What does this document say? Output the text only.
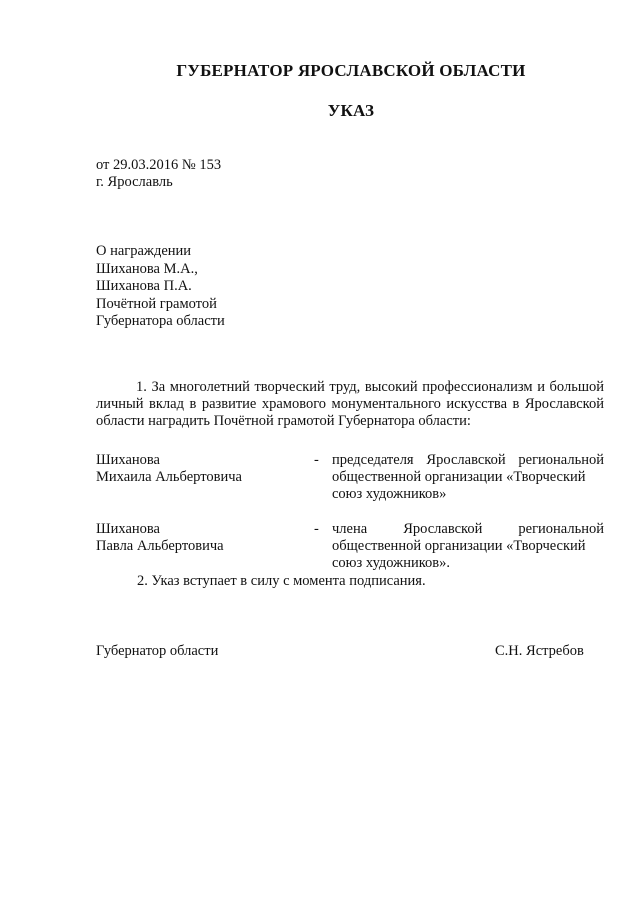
ГУБЕРНАТОР ЯРОСЛАВСКОЙ ОБЛАСТИ
УКАЗ
от 29.03.2016 № 153
г. Ярославль
О награждении
Шиханова М.А.,
Шиханова П.А.
Почётной грамотой
Губернатора области
1. За многолетний творческий труд, высокий профессионализм и большой личный вклад в развитие храмового монументального искусства в Ярославской области наградить Почётной грамотой Губернатора области:
Шиханова
Михаила Альбертовича
- председателя Ярославской региональной общественной организации «Творческий
союз художников»
Шиханова
Павла Альбертовича
- члена Ярославской региональной общественной организации «Творческий
союз художников».
2. Указ вступает в силу с момента подписания.
Губернатор области	С.Н. Ястребов
